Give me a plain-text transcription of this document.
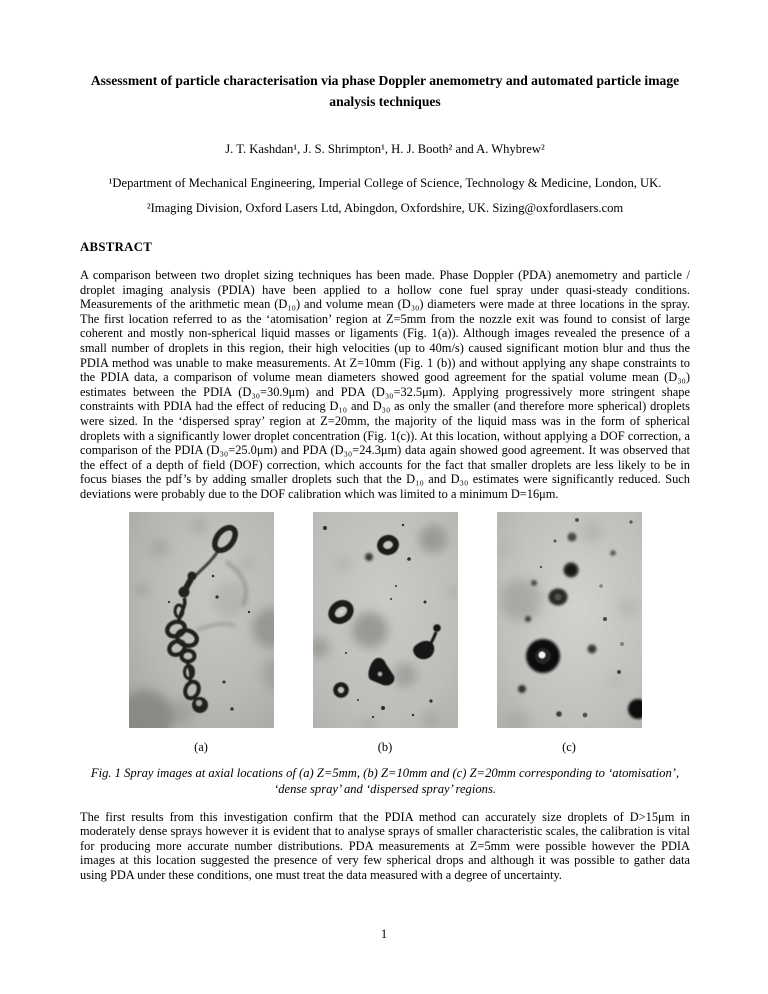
Assessment of particle characterisation via phase Doppler anemometry and automated particle image analysis techniques
J. T. Kashdan¹, J. S. Shrimpton¹, H. J. Booth² and A. Whybrew²
¹Department of Mechanical Engineering, Imperial College of Science, Technology & Medicine, London, UK.
²Imaging Division, Oxford Lasers Ltd, Abingdon, Oxfordshire, UK. Sizing@oxfordlasers.com
ABSTRACT

A comparison between two droplet sizing techniques has been made. Phase Doppler (PDA) anemometry and particle / droplet imaging analysis (PDIA) have been applied to a hollow cone fuel spray under quasi-steady conditions. Measurements of the arithmetic mean (D₁₀) and volume mean (D₃₀) diameters were made at three locations in the spray. The first location referred to as the ‘atomisation’ region at Z=5mm from the nozzle exit was found to consist of large coherent and mostly non-spherical liquid masses or ligaments (Fig. 1(a)). Although images revealed the presence of a small number of droplets in this region, their high velocities (up to 40m/s) caused significant motion blur and thus the PDIA method was unable to make measurements. At Z=10mm (Fig. 1 (b)) and without applying any shape constraints to the PDIA data, a comparison of volume mean diameters showed good agreement for the spatial volume mean (D₃₀) estimates between the PDIA (D₃₀=30.9μm) and PDA (D₃₀=32.5μm). Applying progressively more stringent shape constraints with PDIA had the effect of reducing D₁₀ and D₃₀ as only the smaller (and therefore more spherical) droplets were sized. In the ‘dispersed spray’ region at Z=20mm, the majority of the liquid mass was in the form of spherical droplets with a significantly lower droplet concentration (Fig. 1(c)). At this location, without applying a DOF correction, a comparison of the PDIA (D₃₀=25.0μm) and PDA (D₃₀=24.3μm) data again showed good agreement. It was observed that the effect of a depth of field (DOF) correction, which accounts for the fact that smaller droplets are less likely to be in focus biases the pdf’s by adding smaller droplets such that the D₁₀ and D₃₀ estimates were significantly reduced. Such deviations were probably due to the DOF calibration which was limited to a minimum D=16μm.

(a)	(b)	(c)

Fig. 1 Spray images at axial locations of (a) Z=5mm, (b) Z=10mm and (c) Z=20mm corresponding to ‘atomisation’, ‘dense spray’ and ‘dispersed spray’ regions.

The first results from this investigation confirm that the PDIA method can accurately size droplets of D>15μm in moderately dense sprays however it is evident that to analyse sprays of smaller characteristic scales, the calibration is vital for producing more accurate number distributions. PDA measurements at Z=5mm were possible however the PDIA images at this location suggested the presence of very few spherical drops and although it was possible to gather data using PDA under these conditions, one must treat the data measured with a degree of uncertainty.

1
